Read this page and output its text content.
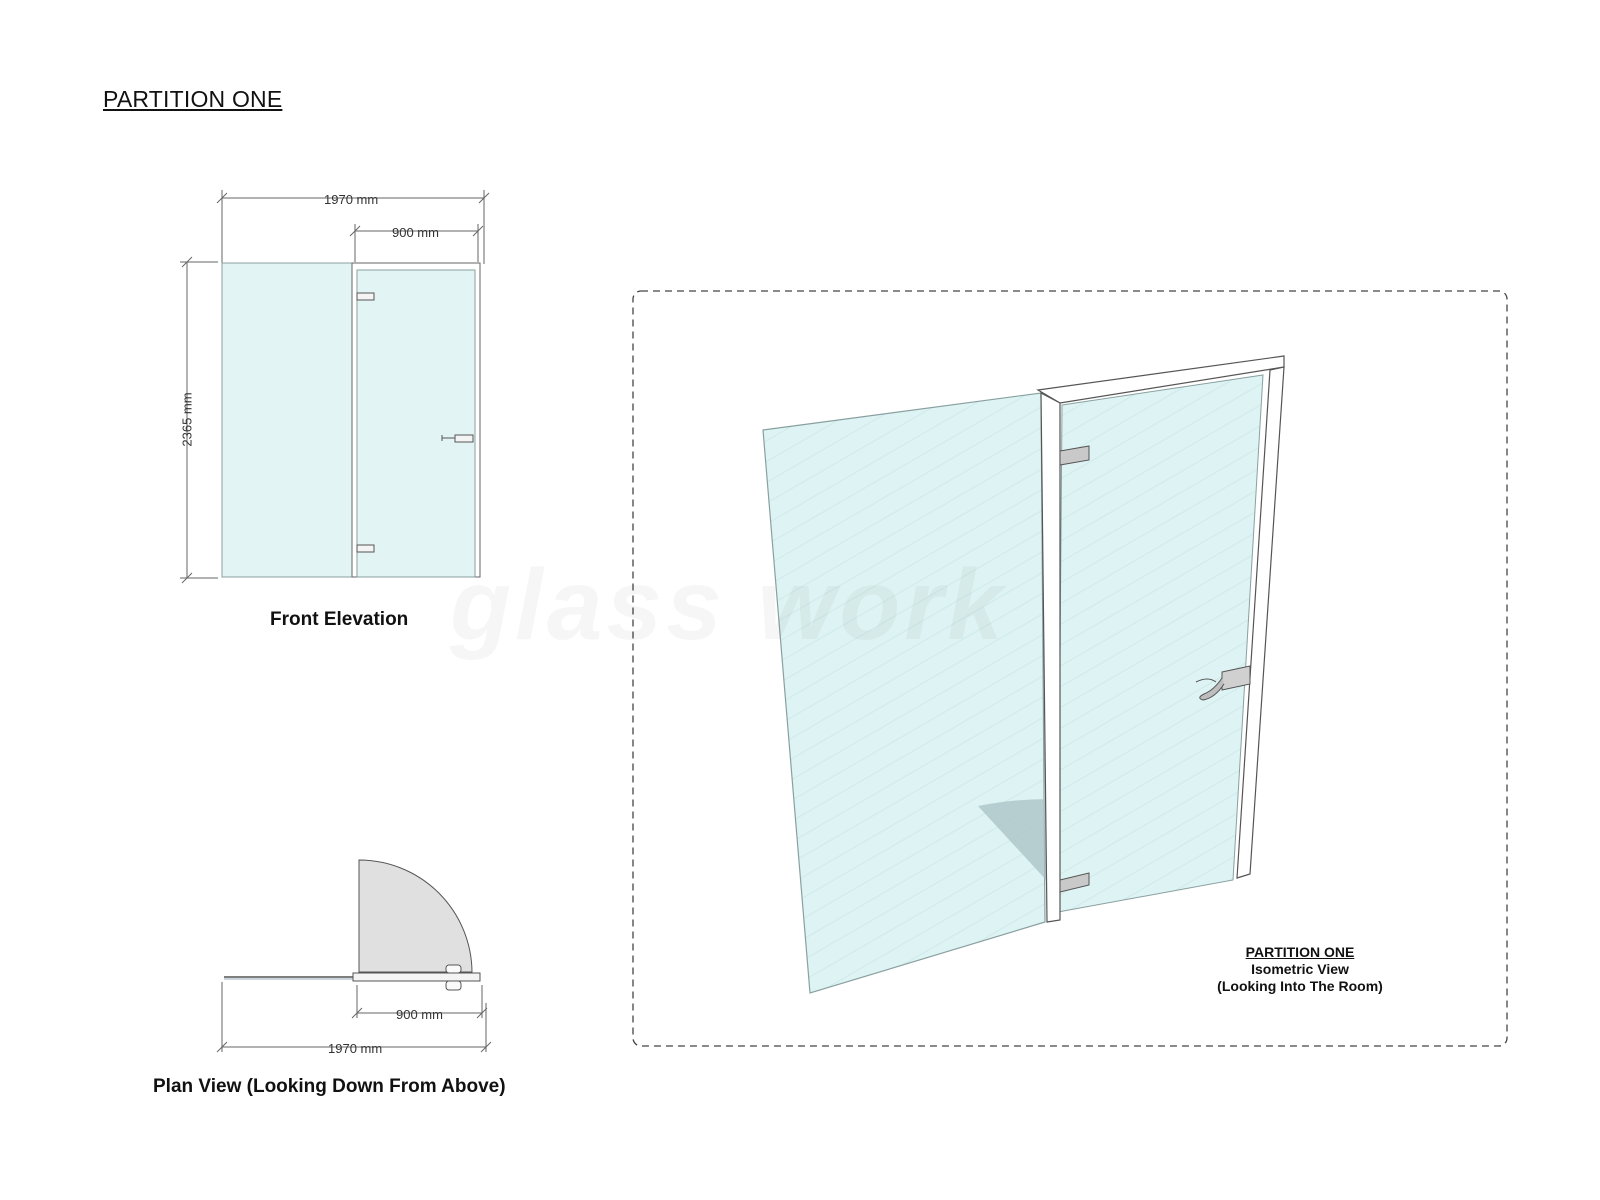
PARTITION ONE
1970 mm
900 mm
2365 mm
900 mm
1970 mm
Front Elevation
Plan View (Looking Down From Above)
PARTITION ONE
Isometric View
(Looking Into The Room)
